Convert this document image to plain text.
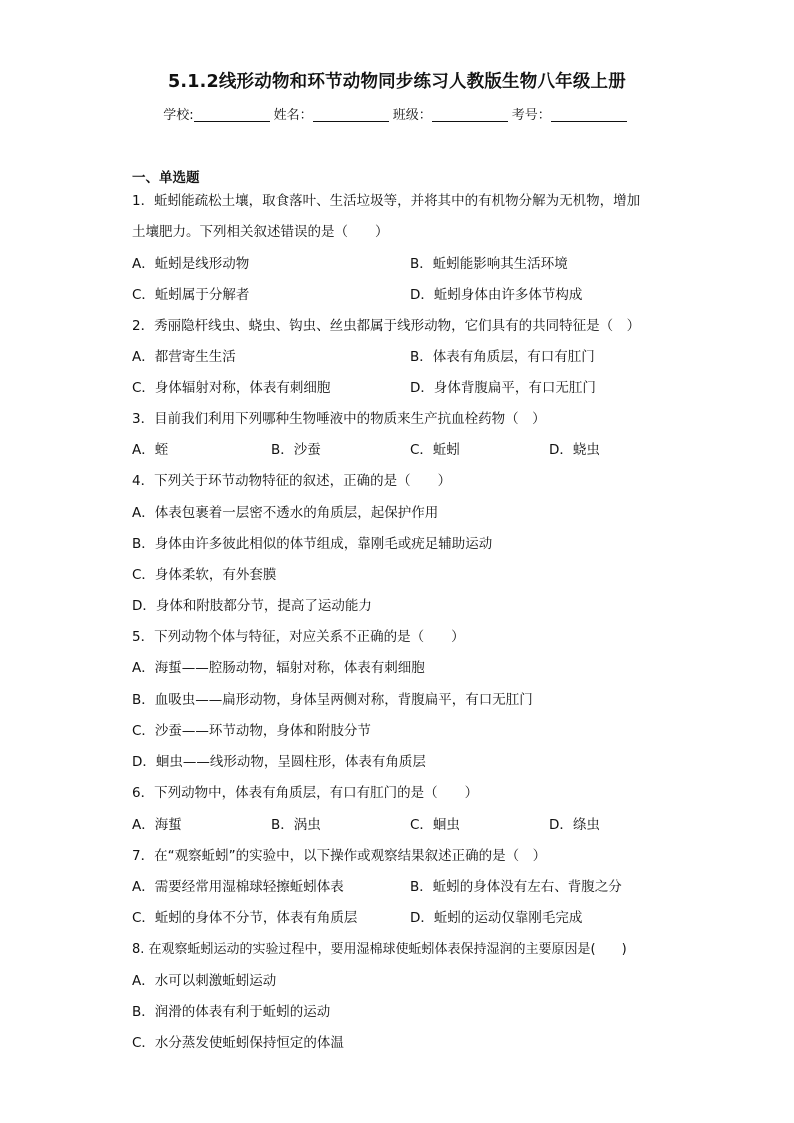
5.1.2线形动物和环节动物同步练习人教版生物八年级上册
学校:	姓名：	班级：	考号：
一、单选题
1．蚯蚓能疏松土壤，取食落叶、生活垃圾等，并将其中的有机物分解为无机物，增加
土壤肥力。下列相关叙述错误的是（　　）
A．蚯蚓是线形动物	B．蚯蚓能影响其生活环境
C．蚯蚓属于分解者	D．蚯蚓身体由许多体节构成
2．秀丽隐杆线虫、蛲虫、钩虫、丝虫都属于线形动物，它们具有的共同特征是（　）
A．都营寄生生活	B．体表有角质层，有口有肛门
C．身体辐射对称，体表有刺细胞	D．身体背腹扁平，有口无肛门
3．目前我们利用下列哪种生物唾液中的物质来生产抗血栓药物（　）
A．蛭	B．沙蚕	C．蚯蚓	D．蛲虫
4．下列关于环节动物特征的叙述，正确的是（　　）
A．体表包裹着一层密不透水的角质层，起保护作用
B．身体由许多彼此相似的体节组成，靠刚毛或疣足辅助运动
C．身体柔软，有外套膜
D．身体和附肢都分节，提高了运动能力
5．下列动物个体与特征，对应关系不正确的是（　　）
A．海蜇——腔肠动物，辐射对称，体表有刺细胞
B．血吸虫——扁形动物，身体呈两侧对称，背腹扁平，有口无肛门
C．沙蚕——环节动物，身体和附肢分节
D．蛔虫——线形动物，呈圆柱形，体表有角质层
6．下列动物中，体表有角质层，有口有肛门的是（　　）
A．海蜇	B．涡虫	C．蛔虫	D．绦虫
7．在“观察蚯蚓”的实验中，以下操作或观察结果叙述正确的是（　）
A．需要经常用湿棉球轻擦蚯蚓体表	B．蚯蚓的身体没有左右、背腹之分
C．蚯蚓的身体不分节，体表有角质层	D．蚯蚓的运动仅靠刚毛完成
8. 在观察蚯蚓运动的实验过程中，要用湿棉球使蚯蚓体表保持湿润的主要原因是(　　)
A．水可以刺激蚯蚓运动
B．润滑的体表有利于蚯蚓的运动
C．水分蒸发使蚯蚓保持恒定的体温
